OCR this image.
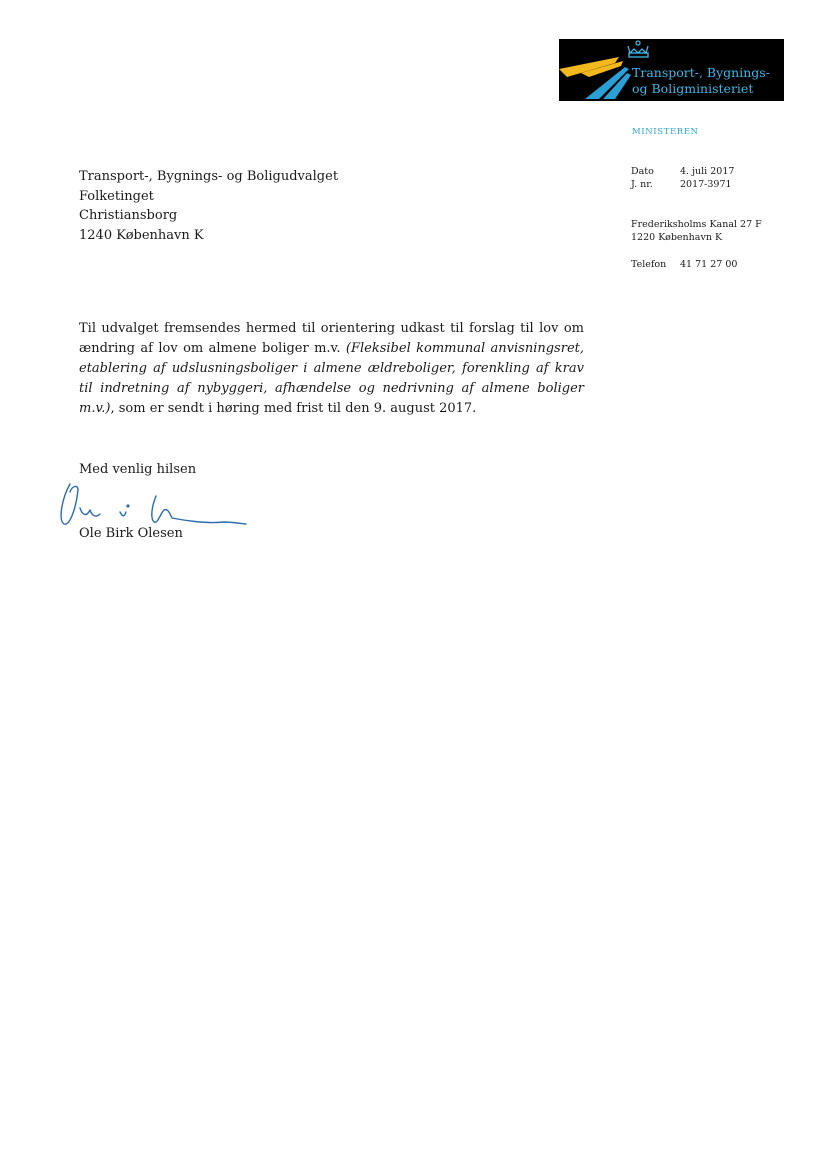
Transport-, Bygnings-
og Boligministeriet
MINISTEREN
Dato	4. juli 2017
J. nr.	2017-3971
Frederiksholms Kanal 27 F
1220 København K
Telefon 41 71 27 00
Transport-, Bygnings- og Boligudvalget
Folketinget
Christiansborg
1240 København K
Til udvalget fremsendes hermed til orientering udkast til forslag til lov om ændring af lov om almene boliger m.v. (Fleksibel kommunal anvisningsret, etablering af udslusningsboliger i almene ældreboliger, forenkling af krav til indretning af nybyggeri, afhændelse og nedrivning af almene boliger m.v.), som er sendt i høring med frist til den 9. august 2017.
Med venlig hilsen
Ole Birk Olesen
